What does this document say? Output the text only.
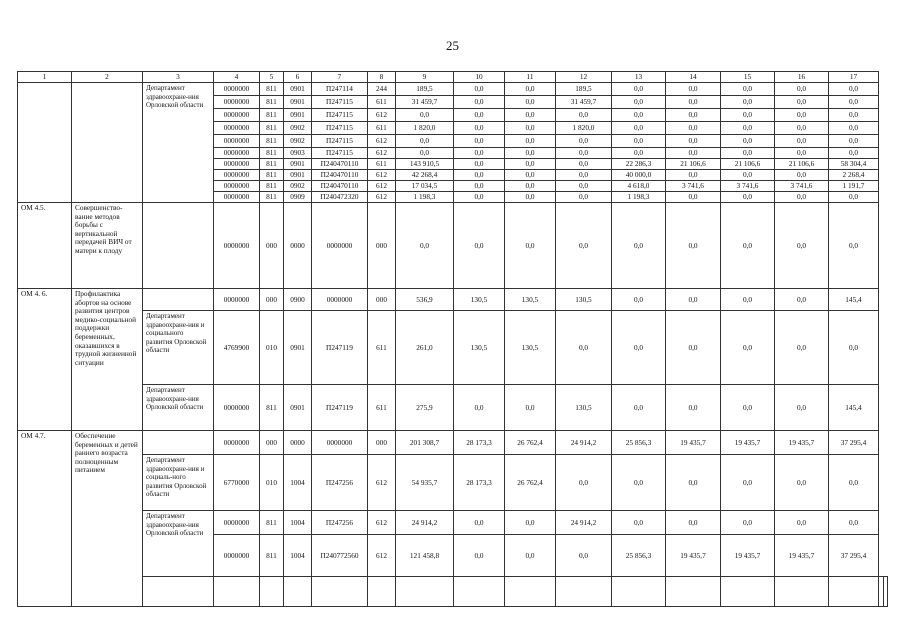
25
1	2	3	4	5	6	7	8	9	10	11	12	13	14	15	16	17		
		Департамент здравоохране-ния Орловской области	0000000	811	0901	П247114	244	189,5	0,0	0,0	189,5	0,0	0,0	0,0	0,0	0,0		
			0000000	811	0901	П247115	611	31 459,7	0,0	0,0	31 459,7	0,0	0,0	0,0	0,0	0,0		
			0000000	811	0901	П247115	612	0,0	0,0	0,0	0,0	0,0	0,0	0,0	0,0	0,0		
			0000000	811	0902	П247115	611	1 820,0	0,0	0,0	1 820,0	0,0	0,0	0,0	0,0	0,0		
			0000000	811	0902	П247115	612	0,0	0,0	0,0	0,0	0,0	0,0	0,0	0,0	0,0		
			0000000	811	0903	П247115	612	0,0	0,0	0,0	0,0	0,0	0,0	0,0	0,0	0,0		
			0000000	811	0901	П240470110	611	143 910,5	0,0	0,0	0,0	22 286,3	21 106,6	21 106,6	21 106,6	58 304,4		
			0000000	811	0901	П240470110	612	42 268,4	0,0	0,0	0,0	40 000,0	0,0	0,0	0,0	2 268,4		
			0000000	811	0902	П240470110	612	17 034,5	0,0	0,0	0,0	4 618,0	3 741,6	3 741,6	3 741,6	1 191,7		
			0000000	811	0909	П240472320	612	1 198,3	0,0	0,0	0,0	1 198,3	0,0	0,0	0,0	0,0		
ОМ 4.5.	Совершенство-вание методов борьбы с вертикальной передачей ВИЧ от матери к плоду		0000000	000	0000	0000000	000	0,0	0,0	0,0	0,0	0,0	0,0	0,0	0,0	0,0		
ОМ 4. 6.	Профилактика абортов на основе развития центров медико-социальной поддержки беременных, оказавшихся в трудной жизненной ситуации		0000000	000	0900	0000000	000	536,9	130,5	130,5	130,5	0,0	0,0	0,0	0,0	145,4		
		Департамент здравоохране-ния и социального развития Орловской области	4769900	010	0901	П247119	611	261,0	130,5	130,5	0,0	0,0	0,0	0,0	0,0	0,0		
		Департамент здравоохране-ния Орловской области	0000000	811	0901	П247119	611	275,9	0,0	0,0	130,5	0,0	0,0	0,0	0,0	145,4		
ОМ 4.7.	Обеспечение беременных и детей раннего возраста полноценным питанием		0000000	000	0000	0000000	000	201 308,7	28 173,3	26 762,4	24 914,2	25 856,3	19 435,7	19 435,7	19 435,7	37 295,4		
		Департамент здравоохране-ния и социаль-ного развития Орловской области	6770000	010	1004	П247256	612	54 935,7	28 173,3	26 762,4	0,0	0,0	0,0	0,0	0,0	0,0		
		Департамент здравоохране-ния Орловской области	0000000	811	1004	П247256	612	24 914,2	0,0	0,0	24 914,2	0,0	0,0	0,0	0,0	0,0		
			0000000	811	1004	П240772560	612	121 458,8	0,0	0,0	0,0	25 856,3	19 435,7	19 435,7	19 435,7	37 295,4		
